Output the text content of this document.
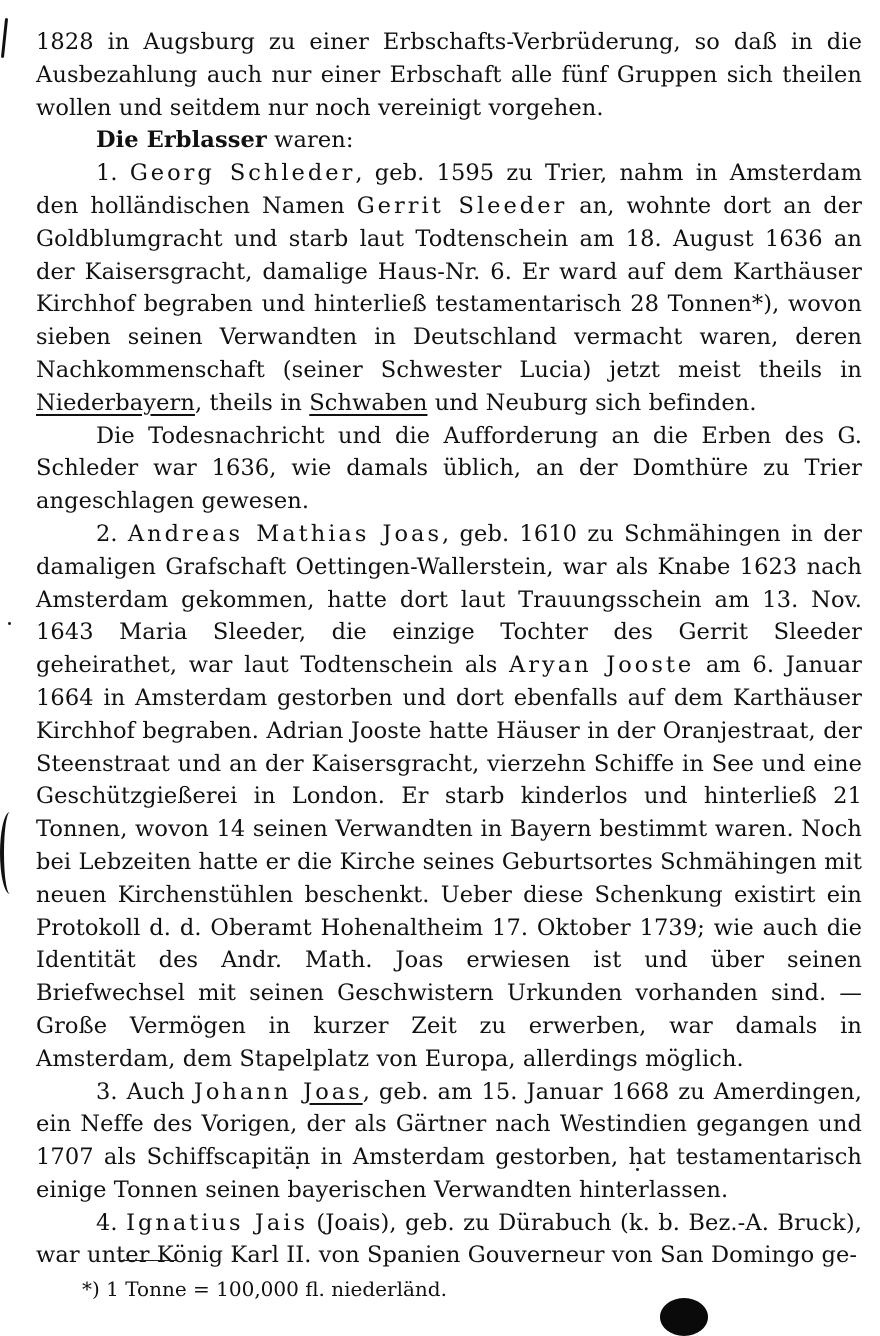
1828 in Augsburg zu einer Erbschafts-Verbrüderung, so daß in die Ausbezahlung auch nur einer Erbschaft alle fünf Gruppen sich theilen wollen und seitdem nur noch vereinigt vorgehen.

Die Erblasser waren:

1. Georg Schleder, geb. 1595 zu Trier, nahm in Amsterdam den holländischen Namen Gerrit Sleeder an, wohnte dort an der Goldblumgracht und starb laut Todtenschein am 18. August 1636 an der Kaisersgracht, damalige Haus-Nr. 6. Er ward auf dem Karthäuser Kirchhof begraben und hinterließ testamentarisch 28 Tonnen*), wovon sieben seinen Verwandten in Deutschland vermacht waren, deren Nachkommenschaft (seiner Schwester Lucia) jetzt meist theils in Niederbayern, theils in Schwaben und Neuburg sich befinden.

Die Todesnachricht und die Aufforderung an die Erben des G. Schleder war 1636, wie damals üblich, an der Domthüre zu Trier angeschlagen gewesen.

2. Andreas Mathias Joas, geb. 1610 zu Schmähingen in der damaligen Grafschaft Oettingen-Wallerstein, war als Knabe 1623 nach Amsterdam gekommen, hatte dort laut Trauungsschein am 13. Nov. 1643 Maria Sleeder, die einzige Tochter des Gerrit Sleeder geheirathet, war laut Todtenschein als Aryan Jooste am 6. Januar 1664 in Amsterdam gestorben und dort ebenfalls auf dem Karthäuser Kirchhof begraben. Adrian Jooste hatte Häuser in der Oranjestraat, der Steenstraat und an der Kaisersgracht, vierzehn Schiffe in See und eine Geschützgießerei in London. Er starb kinderlos und hinterließ 21 Tonnen, wovon 14 seinen Verwandten in Bayern bestimmt waren. Noch bei Lebzeiten hatte er die Kirche seines Geburtsortes Schmähingen mit neuen Kirchenstühlen beschenkt. Ueber diese Schenkung existirt ein Protokoll d. d. Oberamt Hohenaltheim 17. Oktober 1739; wie auch die Identität des Andr. Math. Joas erwiesen ist und über seinen Briefwechsel mit seinen Geschwistern Urkunden vorhanden sind. — Große Vermögen in kurzer Zeit zu erwerben, war damals in Amsterdam, dem Stapelplatz von Europa, allerdings möglich.

3. Auch Johann Joas, geb. am 15. Januar 1668 zu Amerdingen, ein Neffe des Vorigen, der als Gärtner nach Westindien gegangen und 1707 als Schiffscapitän in Amsterdam gestorben, hat testamentarisch einige Tonnen seinen bayerischen Verwandten hinterlassen.

4. Ignatius Jais (Joais), geb. zu Dürabuch (k. b. Bez.-A. Bruck), war unter König Karl II. von Spanien Gouverneur von San Domingo ge-

*) 1 Tonne = 100,000 fl. niederländ.
